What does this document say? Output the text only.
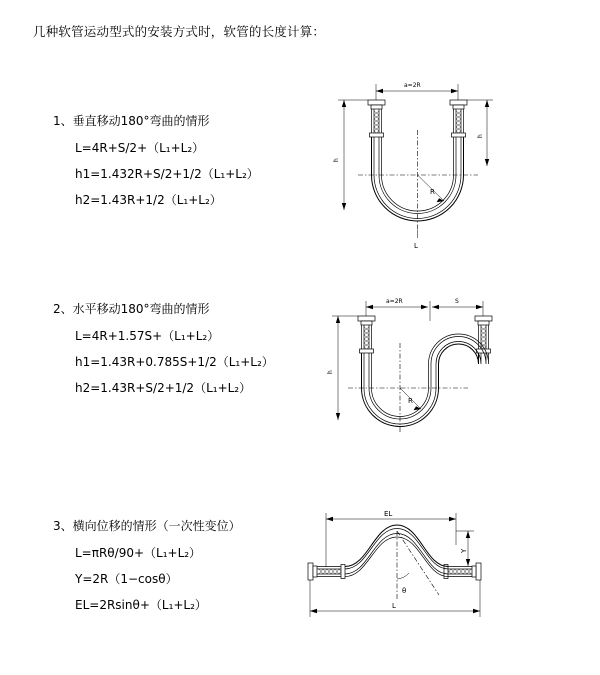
几种软管运动型式的安装方式时，软管的长度计算：
1、垂直移动180°弯曲的情形
L=4R+S/2+（L₁+L₂）
h1=1.432R+S/2+1/2（L₁+L₂）
h2=1.43R+1/2（L₁+L₂）
a=2R
R
h
h
L
2、水平移动180°弯曲的情形
L=4R+1.57S+（L₁+L₂）
h1=1.43R+0.785S+1/2（L₁+L₂）
h2=1.43R+S/2+1/2（L₁+L₂）
a=2R	S
R
h
3、横向位移的情形（一次性变位）
L=πRθ/90+（L₁+L₂）
Y=2R（1−cosθ）
EL=2Rsinθ+（L₁+L₂）
EL
θ
Y
L
